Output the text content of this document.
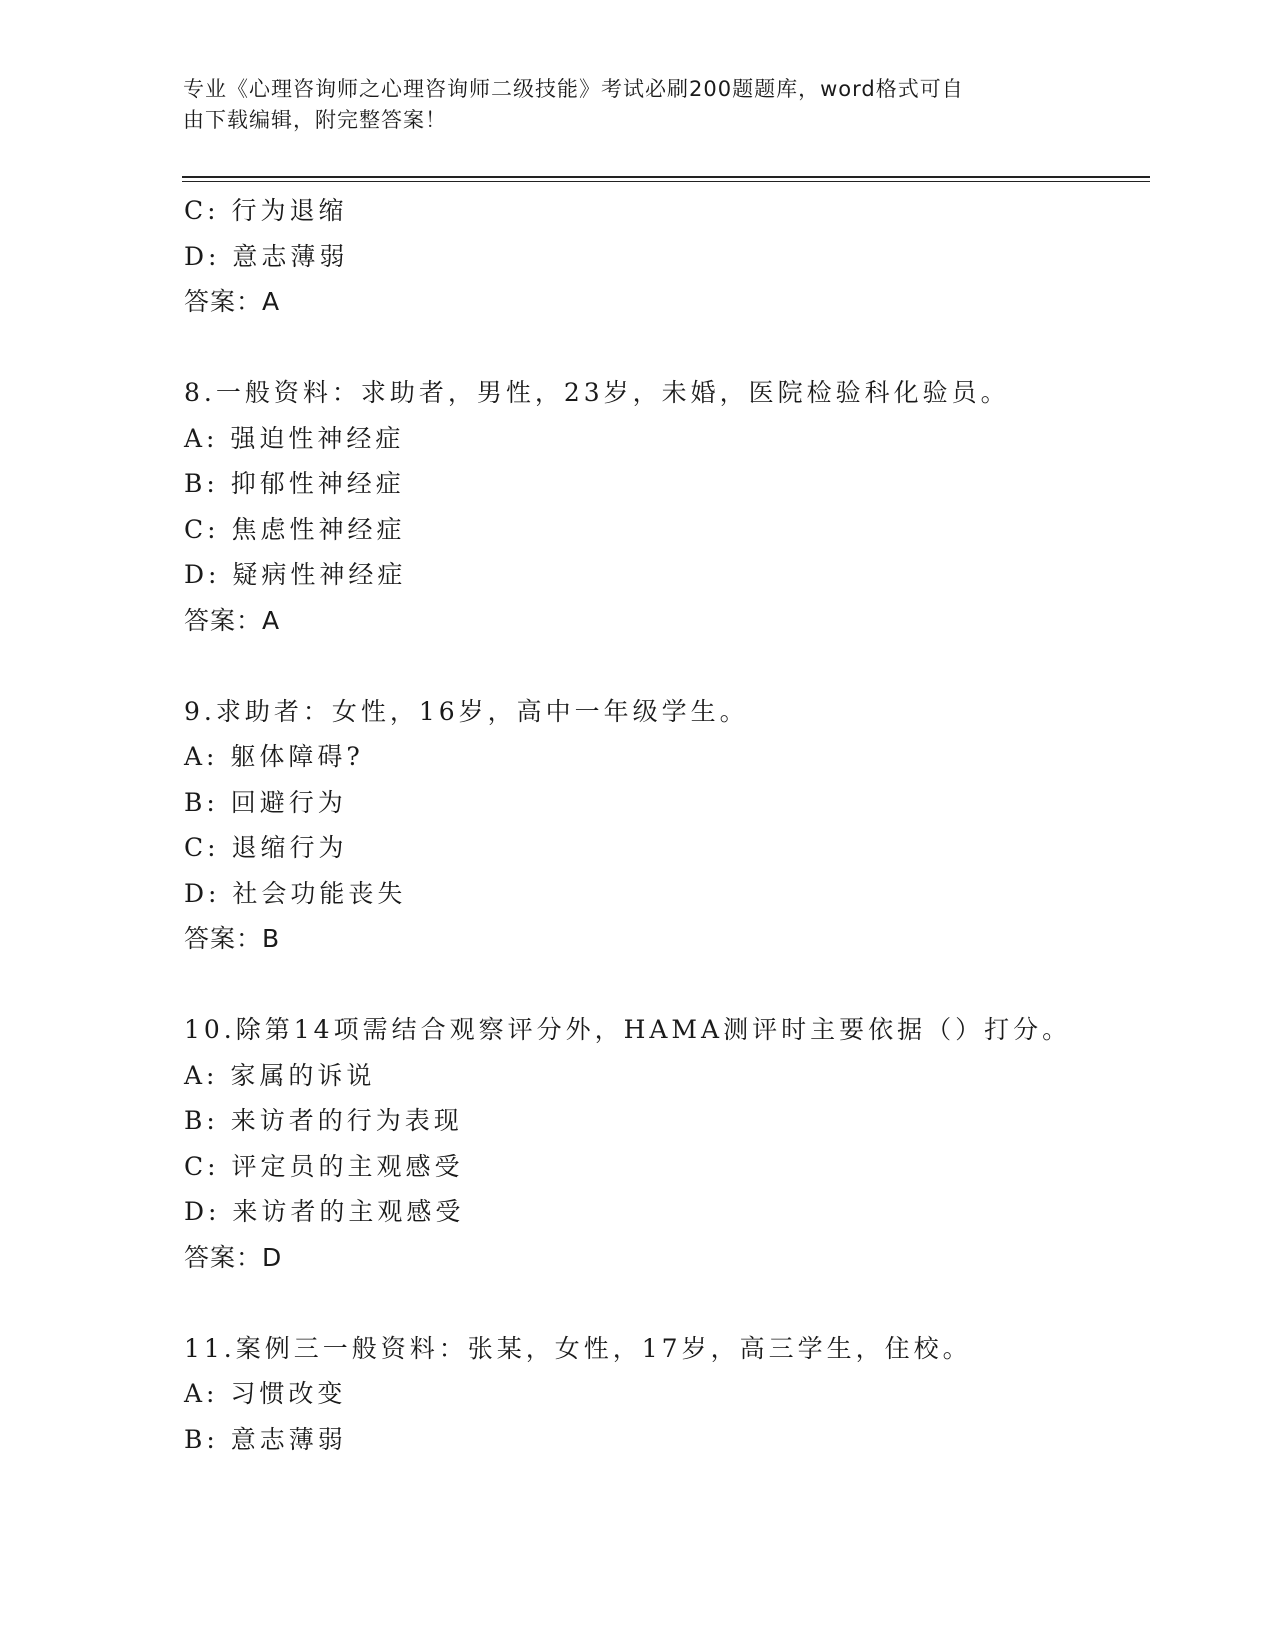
专业《心理咨询师之心理咨询师二级技能》考试必刷200题题库，word格式可自
由下载编辑，附完整答案！
C: 行为退缩
D: 意志薄弱
答案：A
8.一般资料：求助者，男性，23岁，未婚，医院检验科化验员。
A: 强迫性神经症
B: 抑郁性神经症
C: 焦虑性神经症
D: 疑病性神经症
答案：A
9.求助者：女性，16岁，高中一年级学生。
A: 躯体障碍?
B: 回避行为
C: 退缩行为
D: 社会功能丧失
答案：B
10.除第14项需结合观察评分外，HAMA测评时主要依据（）打分。
A: 家属的诉说
B: 来访者的行为表现
C: 评定员的主观感受
D: 来访者的主观感受
答案：D
11.案例三一般资料：张某，女性，17岁，高三学生，住校。
A: 习惯改变
B: 意志薄弱
